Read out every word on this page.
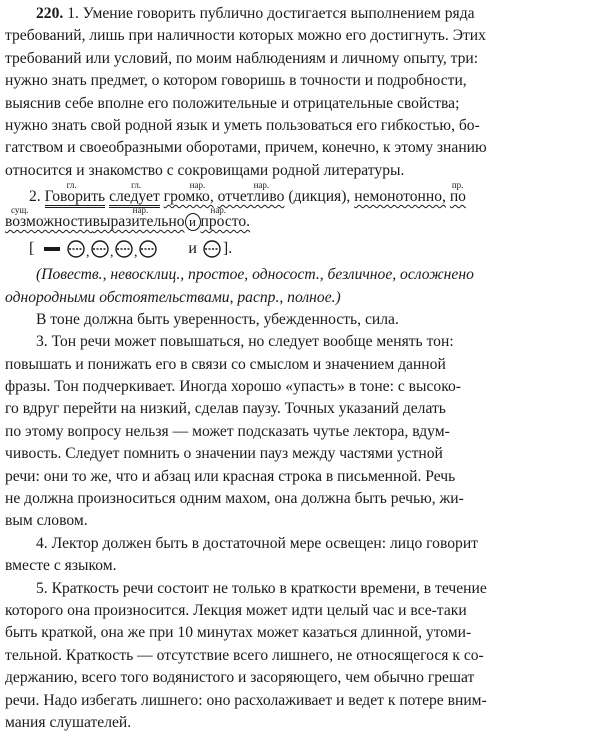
220. 1. Умение говорить публично достигается выполнением ряда
требований, лишь при наличности которых можно его достигнуть. Этих
требований или условий, по моим наблюдениям и личному опыту, три:
нужно знать предмет, о котором говоришь в точности и подробности,
выяснив себе вполне его положительные и отрицательные свойства;
нужно знать свой родной язык и уметь пользоваться его гибкостью, бо-
гатством и своеобразными оборотами, причем, конечно, к этому знанию
относится и знакомство с сокровищами родной литературы.
2.
гл.
Говорить
гл.
следует
нар.
громко,
нар.
отчетливо (дикция), немонотонно,
пр.
по
сущ.
возможности
нар.
выразительно и
нар.
просто.
[	, , ,	и ].
(Повеств., невосклиц., простое, односост., безличное, осложнено
однородными обстоятельствами, распр., полное.)
В тоне должна быть уверенность, убежденность, сила.
3. Тон речи может повышаться, но следует вообще менять тон:
повышать и понижать его в связи со смыслом и значением данной
фразы. Тон подчеркивает. Иногда хорошо «упасть» в тоне: с высоко-
го вдруг перейти на низкий, сделав паузу. Точных указаний делать
по этому вопросу нельзя — может подсказать чутье лектора, вдум-
чивость. Следует помнить о значении пауз между частями устной
речи: они то же, что и абзац или красная строка в письменной. Речь
не должна произноситься одним махом, она должна быть речью, жи-
вым словом.
4. Лектор должен быть в достаточной мере освещен: лицо говорит
вместе с языком.
5. Краткость речи состоит не только в краткости времени, в течение
которого она произносится. Лекция может идти целый час и все-таки
быть краткой, она же при 10 минутах может казаться длинной, утоми-
тельной. Краткость — отсутствие всего лишнего, не относящегося к со-
держанию, всего того водянистого и засоряющего, чем обычно грешат
речи. Надо избегать лишнего: оно расхолаживает и ведет к потере вним-
мания слушателей.
